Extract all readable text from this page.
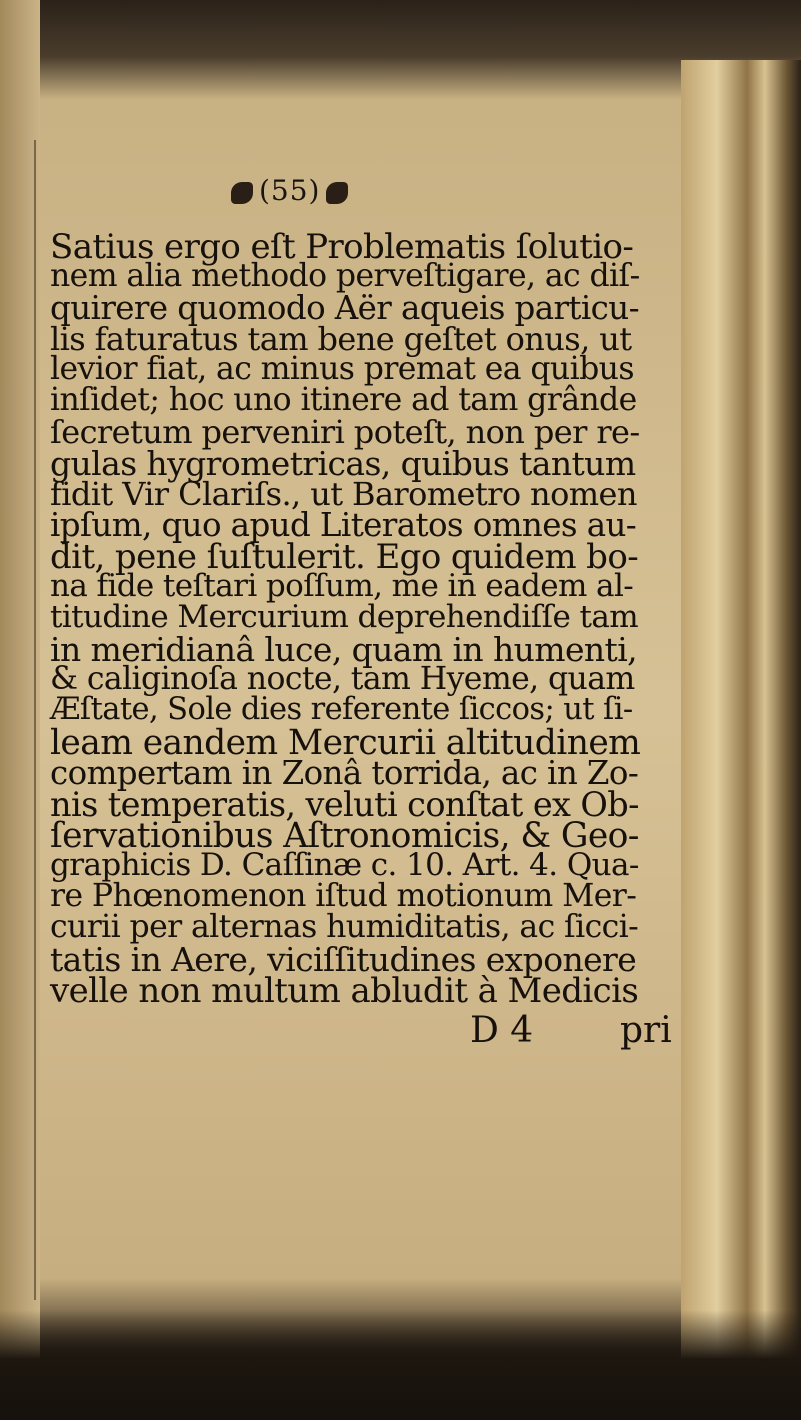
(55)
Satius ergo eſt Problematis ſolutio-
nem alia methodo perveſtigare, ac diſ-
quirere quomodo Aër aqueis particu-
lis faturatus tam bene geſtet onus, ut
levior fiat, ac minus premat ea quibus
inſidet; hoc uno itinere ad tam grânde
ſecretum perveniri poteſt, non per re-
gulas hygrometricas, quibus tantum
fidit Vir Clariſs., ut Barometro nomen
ipſum, quo apud Literatos omnes au-
dit, pene ſuſtulerit. Ego quidem bo-
na fide teſtari poſſum, me in eadem al-
titudine Mercurium deprehendiſſe tam
in meridianâ luce, quam in humenti,
& caliginoſa nocte, tam Hyeme, quam
Æſtate, Sole dies referente ſiccos; ut ſi-
leam eandem Mercurii altitudinem
compertam in Zonâ torrida, ac in Zo-
nis temperatis, veluti conſtat ex Ob-
ſervationibus Aſtronomicis, & Geo-
graphicis D. Caſſinæ c. 10. Art. 4. Qua-
re Phœnomenon iſtud motionum Mer-
curii per alternas humiditatis, ac ſicci-
tatis in Aere, viciſſitudines exponere
velle non multum abludit à Medicis
D 4 pri
